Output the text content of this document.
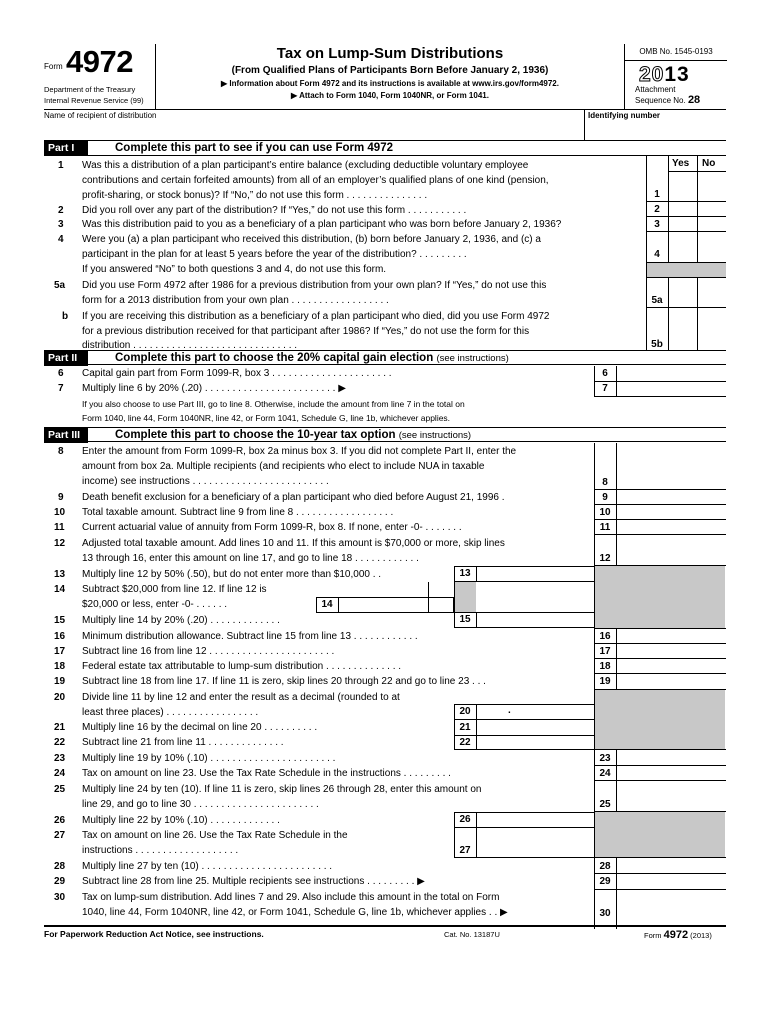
Form 4972
Department of the Treasury
Internal Revenue Service (99)
Tax on Lump-Sum Distributions
(From Qualified Plans of Participants Born Before January 2, 1936)
▶ Information about Form 4972 and its instructions is available at www.irs.gov/form4972.
▶ Attach to Form 1040, Form 1040NR, or Form 1041.
OMB No. 1545-0193
2013
Attachment
Sequence No. 28
Name of recipient of distribution	Identifying number
Part I	Complete this part to see if you can use Form 4972
Yes No
1 Was this a distribution of a plan participant’s entire balance (excluding deductible voluntary employee
contributions and certain forfeited amounts) from all of an employer’s qualified plans of one kind (pension,
profit-sharing, or stock bonus)? If “No,” do not use this form . . . . . . . . . . . . . . .	1
2 Did you roll over any part of the distribution? If “Yes,” do not use this form . . . . . . . . . . .	2
3 Was this distribution paid to you as a beneficiary of a plan participant who was born before January 2, 1936?	3
4 Were you (a) a plan participant who received this distribution, (b) born before January 2, 1936, and (c) a
participant in the plan for at least 5 years before the year of the distribution? . . . . . . . . .
If you answered “No” to both questions 3 and 4, do not use this form.
4
5a Did you use Form 4972 after 1986 for a previous distribution from your own plan? If “Yes,” do not use this
form for a 2013 distribution from your own plan . . . . . . . . . . . . . . . . . .	5a
b If you are receiving this distribution as a beneficiary of a plan participant who died, did you use Form 4972
for a previous distribution received for that participant after 1986? If “Yes,” do not use the form for this
distribution . . . . . . . . . . . . . . . . . . . . . . . . . . . . . .	5b
Part II	Complete this part to choose the 20% capital gain election (see instructions)
6 Capital gain part from Form 1099-R, box 3 . . . . . . . . . . . . . . . . . . . . . .
7 Multiply line 6 by 20% (.20) . . . . . . . . . . . . . . . . . . . . . . . . ▶
If you also choose to use Part III, go to line 8. Otherwise, include the amount from line 7 in the total on
Form 1040, line 44, Form 1040NR, line 42, or Form 1041, Schedule G, line 1b, whichever applies.
6
7
Part III	Complete this part to choose the 10-year tax option (see instructions)
8 Enter the amount from Form 1099-R, box 2a minus box 3. If you did not complete Part II, enter the
amount from box 2a. Multiple recipients (and recipients who elect to include NUA in taxable
income) see instructions . . . . . . . . . . . . . . . . . . . . . . . . .	8
9 Death benefit exclusion for a beneficiary of a plan participant who died before August 21, 1996 .	9
10 Total taxable amount. Subtract line 9 from line 8 . . . . . . . . . . . . . . . . . .	10
11 Current actuarial value of annuity from Form 1099-R, box 8. If none, enter -0- . . . . . . .	11
12 Adjusted total taxable amount. Add lines 10 and 11. If this amount is $70,000 or more, skip lines
13 through 16, enter this amount on line 17, and go to line 18 . . . . . . . . . . . .	12
13 Multiply line 12 by 50% (.50), but do not enter more than $10,000 . .	13
14 Subtract $20,000 from line 12. If line 12 is
$20,000 or less, enter -0- . . . . . .	14
15 Multiply line 14 by 20% (.20) . . . . . . . . . . . . .	15
16 Minimum distribution allowance. Subtract line 15 from line 13 . . . . . . . . . . . .	16
17 Subtract line 16 from line 12 . . . . . . . . . . . . . . . . . . . . . . .	17
18 Federal estate tax attributable to lump-sum distribution . . . . . . . . . . . . . .	18
19 Subtract line 18 from line 17. If line 11 is zero, skip lines 20 through 22 and go to line 23 . . .	19
20 Divide line 11 by line 12 and enter the result as a decimal (rounded to at
least three places) . . . . . . . . . . . . . . . . .	20	.
21 Multiply line 16 by the decimal on line 20 . . . . . . . . . .	21
22 Subtract line 21 from line 11 . . . . . . . . . . . . . .	22
23 Multiply line 19 by 10% (.10) . . . . . . . . . . . . . . . . . . . . . . .	23
24 Tax on amount on line 23. Use the Tax Rate Schedule in the instructions . . . . . . . . .	24
25 Multiply line 24 by ten (10). If line 11 is zero, skip lines 26 through 28, enter this amount on
line 29, and go to line 30 . . . . . . . . . . . . . . . . . . . . . . .	25
26 Multiply line 22 by 10% (.10) . . . . . . . . . . . . .	26
27 Tax on amount on line 26. Use the Tax Rate Schedule in the
instructions . . . . . . . . . . . . . . . . . . .	27
28 Multiply line 27 by ten (10) . . . . . . . . . . . . . . . . . . . . . . . .	28
29 Subtract line 28 from line 25. Multiple recipients see instructions . . . . . . . . . ▶	29
30 Tax on lump-sum distribution. Add lines 7 and 29. Also include this amount in the total on Form
1040, line 44, Form 1040NR, line 42, or Form 1041, Schedule G, line 1b, whichever applies . . ▶	30
For Paperwork Reduction Act Notice, see instructions.	Cat. No. 13187U	Form 4972 (2013)
